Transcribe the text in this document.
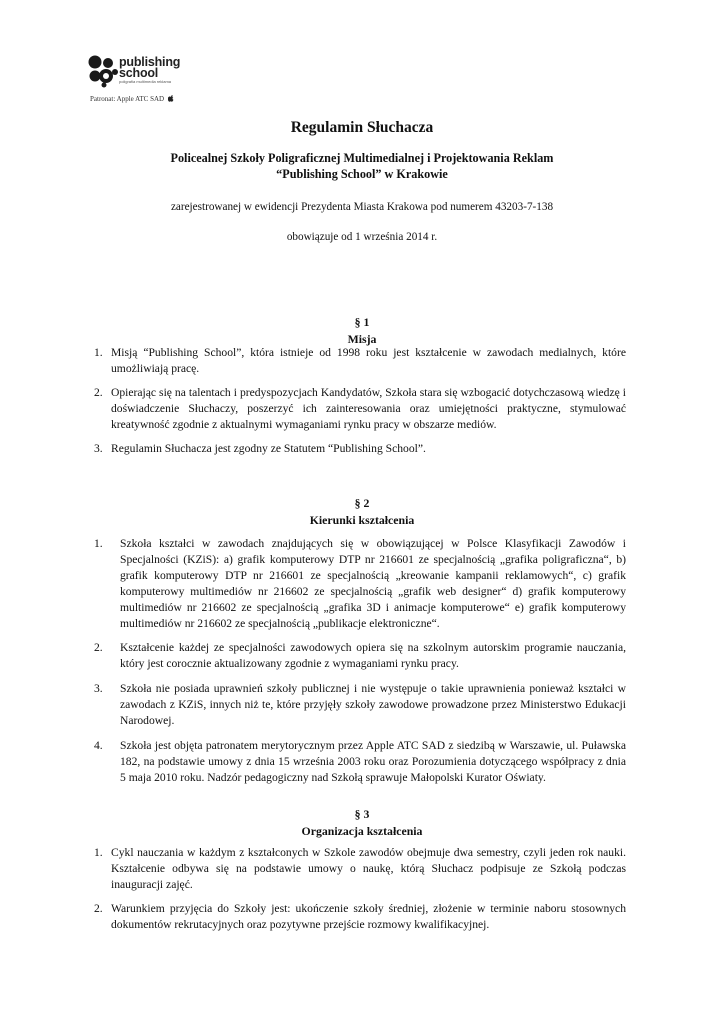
publishing
school
poligrafia multimedia reklama
Patronat: Apple ATC SAD
Regulamin Słuchacza
Policealnej Szkoły Poligraficznej Multimedialnej i Projektowania Reklam
“Publishing School” w Krakowie

zarejestrowanej w ewidencji Prezydenta Miasta Krakowa pod numerem 43203-7-138

obowiązuje od 1 września 2014 r.

§ 1
Misja
1. Misją “Publishing School”, która istnieje od 1998 roku jest kształcenie w zawodach medialnych, które umożliwiają pracę.
2. Opierając się na talentach i predyspozycjach Kandydatów, Szkoła stara się wzbogacić dotychczasową wiedzę i doświadczenie Słuchaczy, poszerzyć ich zainteresowania oraz umiejętności praktyczne, stymulować kreatywność zgodnie z aktualnymi wymaganiami rynku pracy w obszarze mediów.
3. Regulamin Słuchacza jest zgodny ze Statutem “Publishing School”.
§ 2
Kierunki kształcenia
1. Szkoła kształci w zawodach znajdujących się w obowiązującej w Polsce Klasyfikacji Zawodów i Specjalności (KZiS): a) grafik komputerowy DTP nr 216601 ze specjalnością „grafika poligraficzna“, b) grafik komputerowy DTP nr 216601 ze specjalnością „kreowanie kampanii reklamowych“, c) grafik komputerowy multimediów nr 216602 ze specjalnością „grafik web designer“ d) grafik komputerowy multimediów nr 216602 ze specjalnością „grafika 3D i animacje komputerowe“ e) grafik komputerowy multimediów nr 216602 ze specjalnością „publikacje elektroniczne“.
2. Kształcenie każdej ze specjalności zawodowych opiera się na szkolnym autorskim programie nauczania, który jest corocznie aktualizowany zgodnie z wymaganiami rynku pracy.
3. Szkoła nie posiada uprawnień szkoły publicznej i nie występuje o takie uprawnienia ponieważ kształci w zawodach z KZiS, innych niż te, które przyjęły szkoły zawodowe prowadzone przez Ministerstwo Edukacji Narodowej.
4. Szkoła jest objęta patronatem merytorycznym przez Apple ATC SAD z siedzibą w Warszawie, ul. Puławska 182, na podstawie umowy z dnia 15 września 2003 roku oraz Porozumienia dotyczącego współpracy z dnia 5 maja 2010 roku. Nadzór pedagogiczny nad Szkołą sprawuje Małopolski Kurator Oświaty.
§ 3
Organizacja kształcenia
1. Cykl nauczania w każdym z kształconych w Szkole zawodów obejmuje dwa semestry, czyli jeden rok nauki. Kształcenie odbywa się na podstawie umowy o naukę, którą Słuchacz podpisuje ze Szkołą podczas inauguracji zajęć.
2. Warunkiem przyjęcia do Szkoły jest: ukończenie szkoły średniej, złożenie w terminie naboru stosownych dokumentów rekrutacyjnych oraz pozytywne przejście rozmowy kwalifikacyjnej.
